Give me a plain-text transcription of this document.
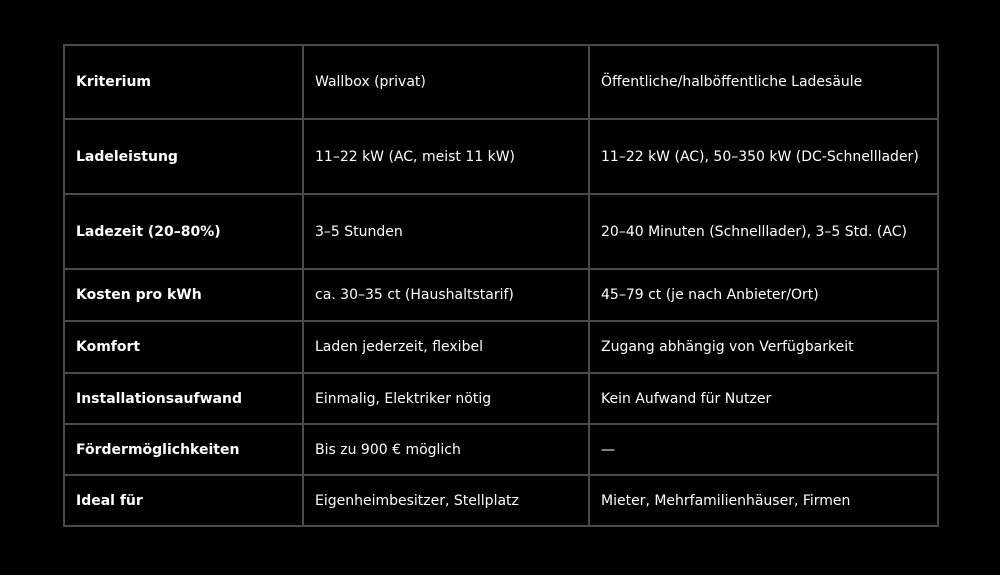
Kriterium	Wallbox (privat)	Öffentliche/halböffentliche Ladesäule
Ladeleistung	11–22 kW (AC, meist 11 kW)	11–22 kW (AC), 50–350 kW (DC-Schnelllader)
Ladezeit (20–80%)	3–5 Stunden	20–40 Minuten (Schnelllader), 3–5 Std. (AC)
Kosten pro kWh	ca. 30–35 ct (Haushaltstarif)	45–79 ct (je nach Anbieter/Ort)
Komfort	Laden jederzeit, flexibel	Zugang abhängig von Verfügbarkeit
Installationsaufwand	Einmalig, Elektriker nötig	Kein Aufwand für Nutzer
Fördermöglichkeiten	Bis zu 900 € möglich	—
Ideal für	Eigenheimbesitzer, Stellplatz	Mieter, Mehrfamilienhäuser, Firmen
